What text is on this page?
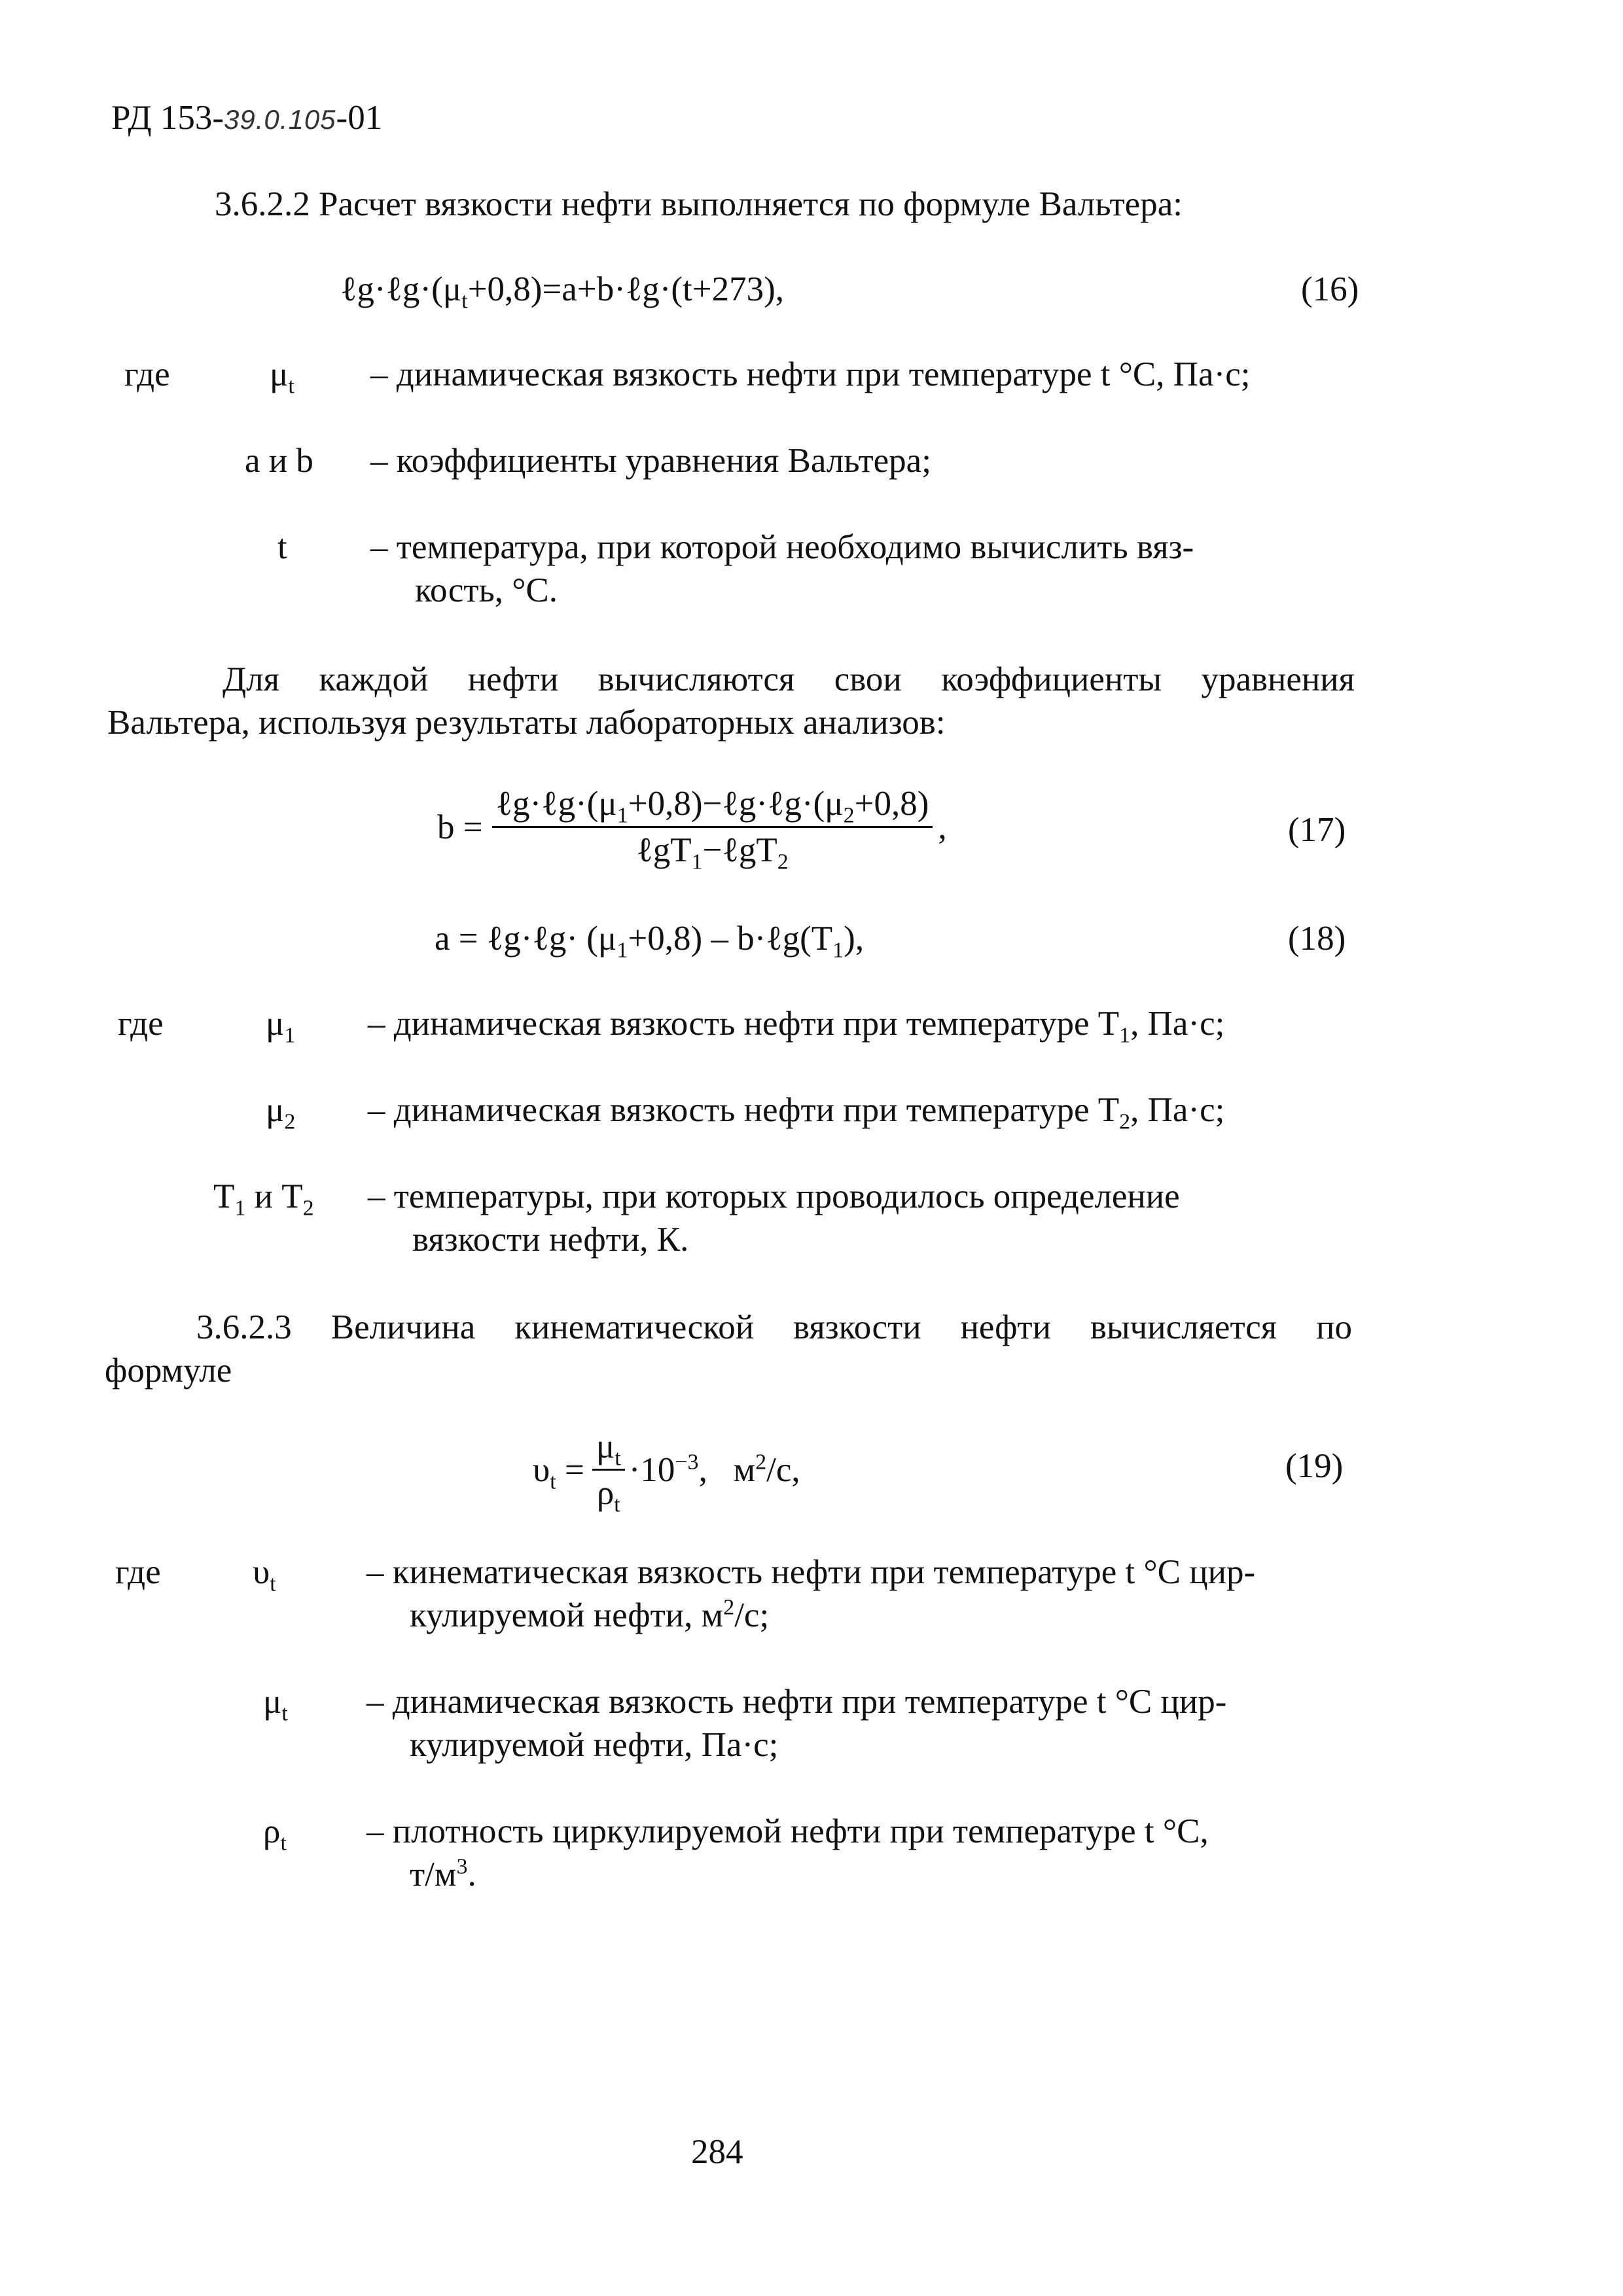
РД 153-39.0.105-01
3.6.2.2 Расчет вязкости нефти выполняется по формуле Вальтера:
$\ell g\cdot\ell g\cdot(\mu_t+0,8)=a+b\cdot\ell g\cdot(t+273)$,	(16)
где	$\mu_t$ – динамическая вязкость нефти при температуре t °C, Па·с;
a и b – коэффициенты уравнения Вальтера;
t – температура, при которой необходимо вычислить вяз-
кость, °C.
Для каждой нефти вычисляются свои коэффициенты уравнения
Вальтера, используя результаты лабораторных анализов:
$b = \frac{\ell g\cdot\ell g\cdot(\mu_1+0,8)-\ell g\cdot\ell g\cdot(\mu_2+0,8)}{\ell gT_1-\ell gT_2}$ ,	(17)
a = ℓg·ℓg· $(\mu_1+0,8)$ – $b\cdot\ell g(T_1)$,	(18)
где	$\mu_1$ – динамическая вязкость нефти при температуре $T_1$, Па·с;
$\mu_2$ – динамическая вязкость нефти при температуре $T_2$, Па·с;
$T_1$ и $T_2$ – температуры, при которых проводилось определение
вязкости нефти, К.
3.6.2.3 Величина кинематической вязкости нефти вычисляется по
формуле
$\upsilon_t = \frac{\mu_t}{\rho_t} \cdot 10^{-3}$,   $м^2/с$,	(19)
где	$\upsilon_t$	– кинематическая вязкость нефти при температуре t °C цир-
кулируемой нефти, $м^2/с$;
$\mu_t$ – динамическая вязкость нефти при температуре t °C цир-
кулируемой нефти, Па·с;
$\rho_t$ – плотность циркулируемой нефти при температуре t °C,
$т/м^3$.
284
